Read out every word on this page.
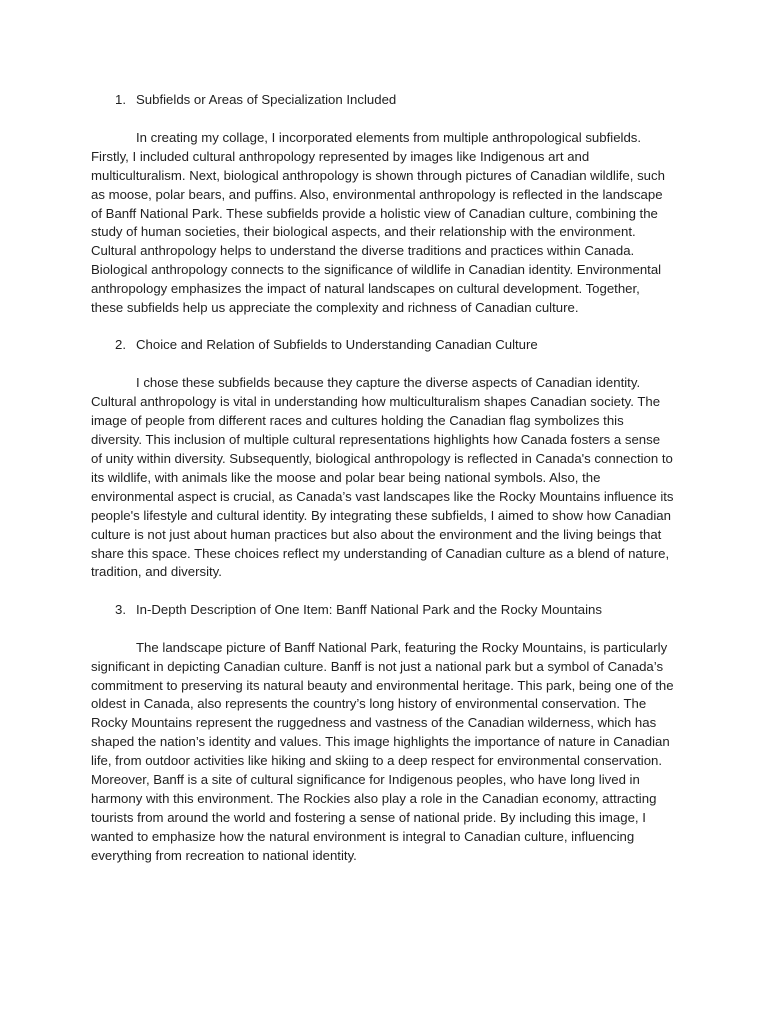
1. Subfields or Areas of Specialization Included

In creating my collage, I incorporated elements from multiple anthropological subfields. Firstly, I included cultural anthropology represented by images like Indigenous art and multiculturalism. Next, biological anthropology is shown through pictures of Canadian wildlife, such as moose, polar bears, and puffins. Also, environmental anthropology is reflected in the landscape of Banff National Park. These subfields provide a holistic view of Canadian culture, combining the study of human societies, their biological aspects, and their relationship with the environment. Cultural anthropology helps to understand the diverse traditions and practices within Canada. Biological anthropology connects to the significance of wildlife in Canadian identity. Environmental anthropology emphasizes the impact of natural landscapes on cultural development. Together, these subfields help us appreciate the complexity and richness of Canadian culture.

2. Choice and Relation of Subfields to Understanding Canadian Culture

I chose these subfields because they capture the diverse aspects of Canadian identity. Cultural anthropology is vital in understanding how multiculturalism shapes Canadian society. The image of people from different races and cultures holding the Canadian flag symbolizes this diversity. This inclusion of multiple cultural representations highlights how Canada fosters a sense of unity within diversity. Subsequently, biological anthropology is reflected in Canada's connection to its wildlife, with animals like the moose and polar bear being national symbols. Also, the environmental aspect is crucial, as Canada’s vast landscapes like the Rocky Mountains influence its people's lifestyle and cultural identity. By integrating these subfields, I aimed to show how Canadian culture is not just about human practices but also about the environment and the living beings that share this space. These choices reflect my understanding of Canadian culture as a blend of nature, tradition, and diversity.

3. In-Depth Description of One Item: Banff National Park and the Rocky Mountains

The landscape picture of Banff National Park, featuring the Rocky Mountains, is particularly significant in depicting Canadian culture. Banff is not just a national park but a symbol of Canada’s commitment to preserving its natural beauty and environmental heritage. This park, being one of the oldest in Canada, also represents the country’s long history of environmental conservation. The Rocky Mountains represent the ruggedness and vastness of the Canadian wilderness, which has shaped the nation’s identity and values. This image highlights the importance of nature in Canadian life, from outdoor activities like hiking and skiing to a deep respect for environmental conservation. Moreover, Banff is a site of cultural significance for Indigenous peoples, who have long lived in harmony with this environment. The Rockies also play a role in the Canadian economy, attracting tourists from around the world and fostering a sense of national pride. By including this image, I wanted to emphasize how the natural environment is integral to Canadian culture, influencing everything from recreation to national identity.
